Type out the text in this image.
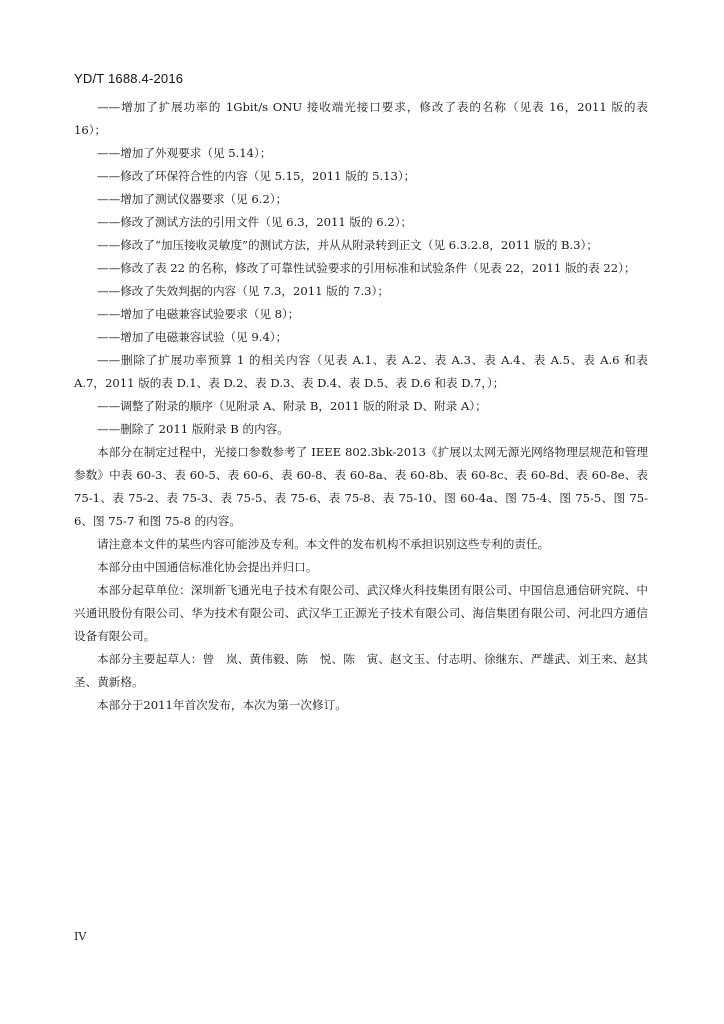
YD/T 1688.4-2016

——增加了扩展功率的 1Gbit/s ONU 接收端光接口要求，修改了表的名称（见表 16，2011 版的表 16）；

——增加了外观要求（见 5.14）；

——修改了环保符合性的内容（见 5.15，2011 版的 5.13）；

——增加了测试仪器要求（见 6.2）；

——修改了测试方法的引用文件（见 6.3，2011 版的 6.2）；

——修改了“加压接收灵敏度”的测试方法，并从从附录转到正文（见 6.3.2.8，2011 版的 B.3）；

——修改了表 22 的名称，修改了可靠性试验要求的引用标准和试验条件（见表 22，2011 版的表 22）；

——修改了失效判据的内容（见 7.3，2011 版的 7.3）；

——增加了电磁兼容试验要求（见 8）；

——增加了电磁兼容试验（见 9.4）；

——删除了扩展功率预算 1 的相关内容（见表 A.1、表 A.2、表 A.3、表 A.4、表 A.5、表 A.6 和表 A.7，2011 版的表 D.1、表 D.2、表 D.3、表 D.4、表 D.5、表 D.6 和表 D.7，）；

——调整了附录的顺序（见附录 A、附录 B，2011 版的附录 D、附录 A）；

——删除了 2011 版附录 B 的内容。

本部分在制定过程中，光接口参数参考了 IEEE 802.3bk-2013《扩展以太网无源光网络物理层规范和管理参数》中表 60-3、表 60-5、表 60-6、表 60-8、表 60-8a、表 60-8b、表 60-8c、表 60-8d、表 60-8e、表 75-1、表 75-2、表 75-3、表 75-5、表 75-6、表 75-8、表 75-10、图 60-4a、图 75-4、图 75-5、图 75-6、图 75-7 和图 75-8 的内容。

请注意本文件的某些内容可能涉及专利。本文件的发布机构不承担识别这些专利的责任。

本部分由中国通信标准化协会提出并归口。

本部分起草单位：深圳新飞通光电子技术有限公司、武汉烽火科技集团有限公司、中国信息通信研究院、中兴通讯股份有限公司、华为技术有限公司、武汉华工正源光子技术有限公司、海信集团有限公司、河北四方通信设备有限公司。

本部分主要起草人：曾　岚、黄伟毅、陈　悦、陈　寅、赵文玉、付志明、徐继东、严雄武、刘王来、赵其圣、黄新格。

本部分于2011年首次发布，本次为第一次修订。

IV
